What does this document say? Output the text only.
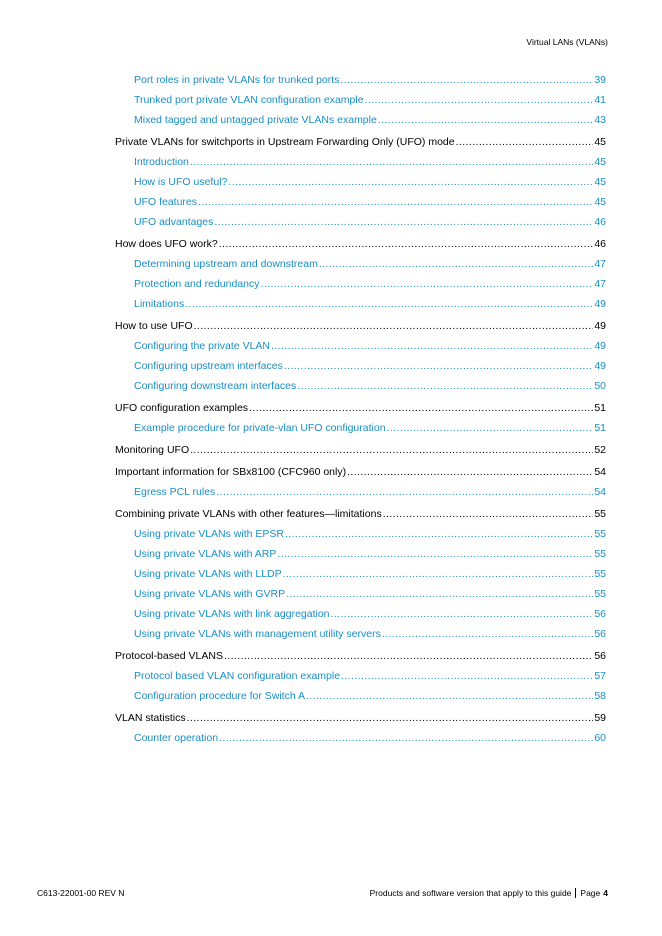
Virtual LANs (VLANs)
Port roles in private VLANs for trunked ports .....	39
Trunked port private VLAN configuration example .....	41
Mixed tagged and untagged private VLANs example .....	43
Private VLANs for switchports in Upstream Forwarding Only (UFO) mode .....	45
Introduction .....	45
How is UFO useful? .....	45
UFO features .....	45
UFO advantages .....	46
How does UFO work? .....	46
Determining upstream and downstream .....	47
Protection and redundancy .....	47
Limitations .....	49
How to use UFO .....	49
Configuring the private VLAN .....	49
Configuring upstream interfaces .....	49
Configuring downstream interfaces .....	50
UFO configuration examples .....	51
Example procedure for private-vlan UFO configuration .....	51
Monitoring UFO .....	52
Important information for SBx8100 (CFC960 only) .....	54
Egress PCL rules .....	54
Combining private VLANs with other features—limitations .....	55
Using private VLANs with EPSR .....	55
Using private VLANs with ARP .....	55
Using private VLANs with LLDP .....	55
Using private VLANs with GVRP .....	55
Using private VLANs with link aggregation .....	56
Using private VLANs with management utility servers .....	56
Protocol-based VLANS .....	56
Protocol based VLAN configuration example .....	57
Configuration procedure for Switch A .....	58
VLAN statistics .....	59
Counter operation .....	60
C613-22001-00 REV N	Products and software version that apply to this guide Page 4
